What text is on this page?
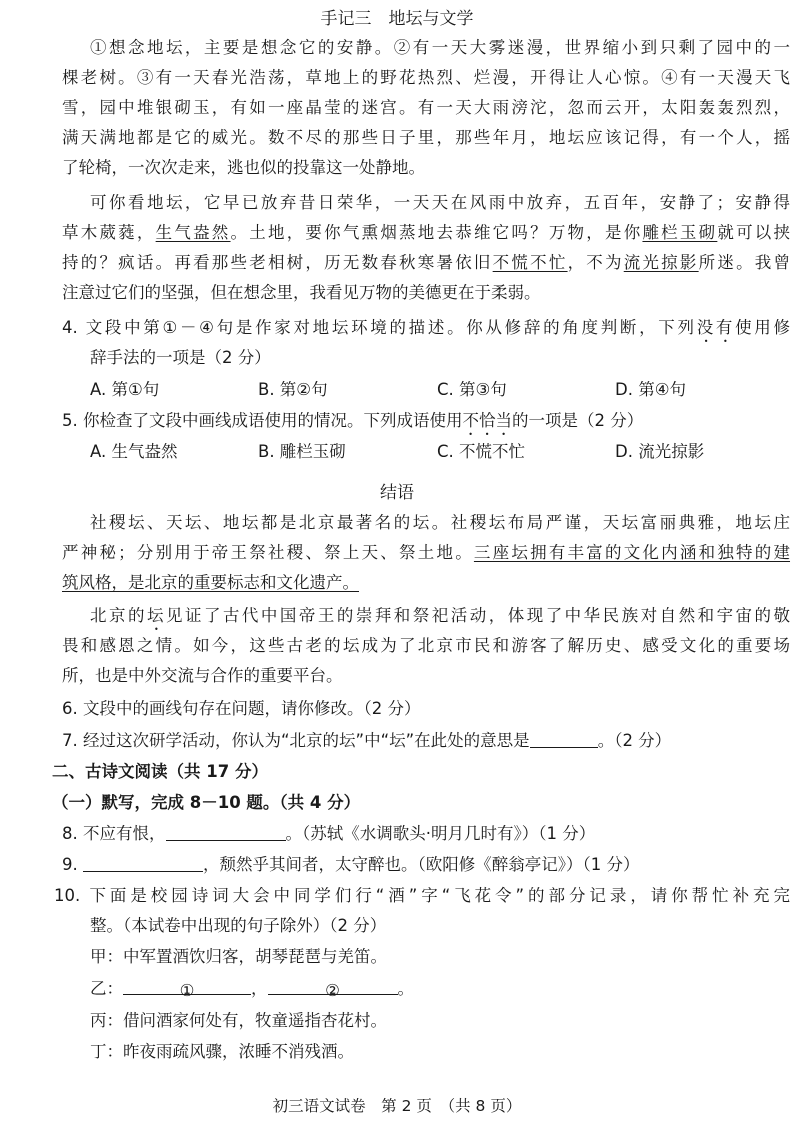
手记三　地坛与文学
①想念地坛，主要是想念它的安静。②有一天大雾迷漫，世界缩小到只剩了园中的一
棵老树。③有一天春光浩荡，草地上的野花热烈、烂漫，开得让人心惊。④有一天漫天飞
雪，园中堆银砌玉，有如一座晶莹的迷宫。有一天大雨滂沱，忽而云开，太阳轰轰烈烈，
满天满地都是它的威光。数不尽的那些日子里，那些年月，地坛应该记得，有一个人，摇
了轮椅，一次次走来，逃也似的投靠这一处静地。
可你看地坛，它早已放弃昔日荣华，一天天在风雨中放弃，五百年，安静了；安静得
草木葳蕤，生气盎然。土地，要你气熏烟蒸地去恭维它吗？万物，是你雕栏玉砌就可以挟
持的？疯话。再看那些老相树，历无数春秋寒暑依旧不慌不忙，不为流光掠影所迷。我曾
注意过它们的坚强，但在想念里，我看见万物的美德更在于柔弱。
4. 文段中第①－④句是作家对地坛环境的描述。你从修辞的角度判断，下列没有使用修
辞手法的一项是（2 分）
A. 第①句	B. 第②句	C. 第③句	D. 第④句
5. 你检查了文段中画线成语使用的情况。下列成语使用不恰当的一项是（2 分）
A. 生气盎然	B. 雕栏玉砌	C. 不慌不忙	D. 流光掠影
结语
社稷坛、天坛、地坛都是北京最著名的坛。社稷坛布局严谨，天坛富丽典雅，地坛庄
严神秘；分别用于帝王祭社稷、祭上天、祭土地。三座坛拥有丰富的文化内涵和独特的建
筑风格，是北京的重要标志和文化遗产。
北京的坛见证了古代中国帝王的崇拜和祭祀活动，体现了中华民族对自然和宇宙的敬
畏和感恩之情。如今，这些古老的坛成为了北京市民和游客了解历史、感受文化的重要场
所，也是中外交流与合作的重要平台。
6. 文段中的画线句存在问题，请你修改。（2 分）
7. 经过这次研学活动，你认为“北京的坛”中“坛”在此处的意思是	。（2 分）
二、古诗文阅读（共 17 分）
（一）默写，完成 8－10 题。（共 4 分）
8. 不应有恨，	。（苏轼《水调歌头·明月几时有》）（1 分）
9.	，颓然乎其间者，太守醉也。（欧阳修《醉翁亭记》）（1 分）
10. 下面是校园诗词大会中同学们行“酒”字“飞花令”的部分记录，请你帮忙补充完
整。（本试卷中出现的句子除外）（2 分）
甲：中军置酒饮归客，胡琴琵琶与羌笛。
乙：	①	，	②	。
丙：借问酒家何处有，牧童遥指杏花村。
丁：昨夜雨疏风骤，浓睡不消残酒。
初三语文试卷　第 2 页　（共 8 页）
